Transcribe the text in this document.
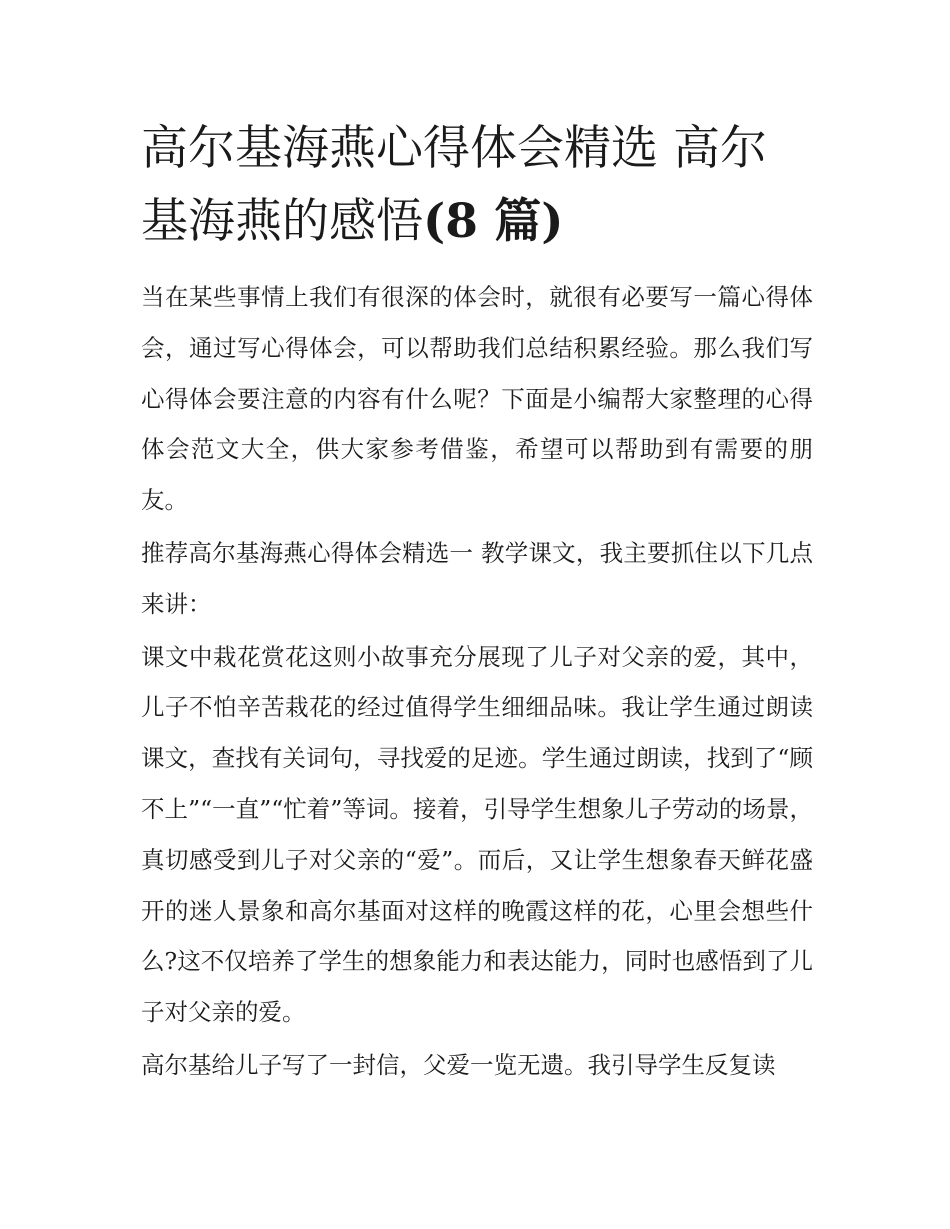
高尔基海燕心得体会精选 高尔基海燕的感悟(8 篇)

当在某些事情上我们有很深的体会时，就很有必要写一篇心得体会，通过写心得体会，可以帮助我们总结积累经验。那么我们写心得体会要注意的内容有什么呢？下面是小编帮大家整理的心得体会范文大全，供大家参考借鉴，希望可以帮助到有需要的朋友。

推荐高尔基海燕心得体会精选一 教学课文，我主要抓住以下几点来讲：

课文中栽花赏花这则小故事充分展现了儿子对父亲的爱，其中，儿子不怕辛苦栽花的经过值得学生细细品味。我让学生通过朗读课文，查找有关词句，寻找爱的足迹。学生通过朗读，找到了“顾不上”“一直”“忙着”等词。接着，引导学生想象儿子劳动的场景，真切感受到儿子对父亲的“爱”。而后，又让学生想象春天鲜花盛开的迷人景象和高尔基面对这样的晚霞这样的花，心里会想些什么?这不仅培养了学生的想象能力和表达能力，同时也感悟到了儿子对父亲的爱。

高尔基给儿子写了一封信，父爱一览无遗。我引导学生反复读
